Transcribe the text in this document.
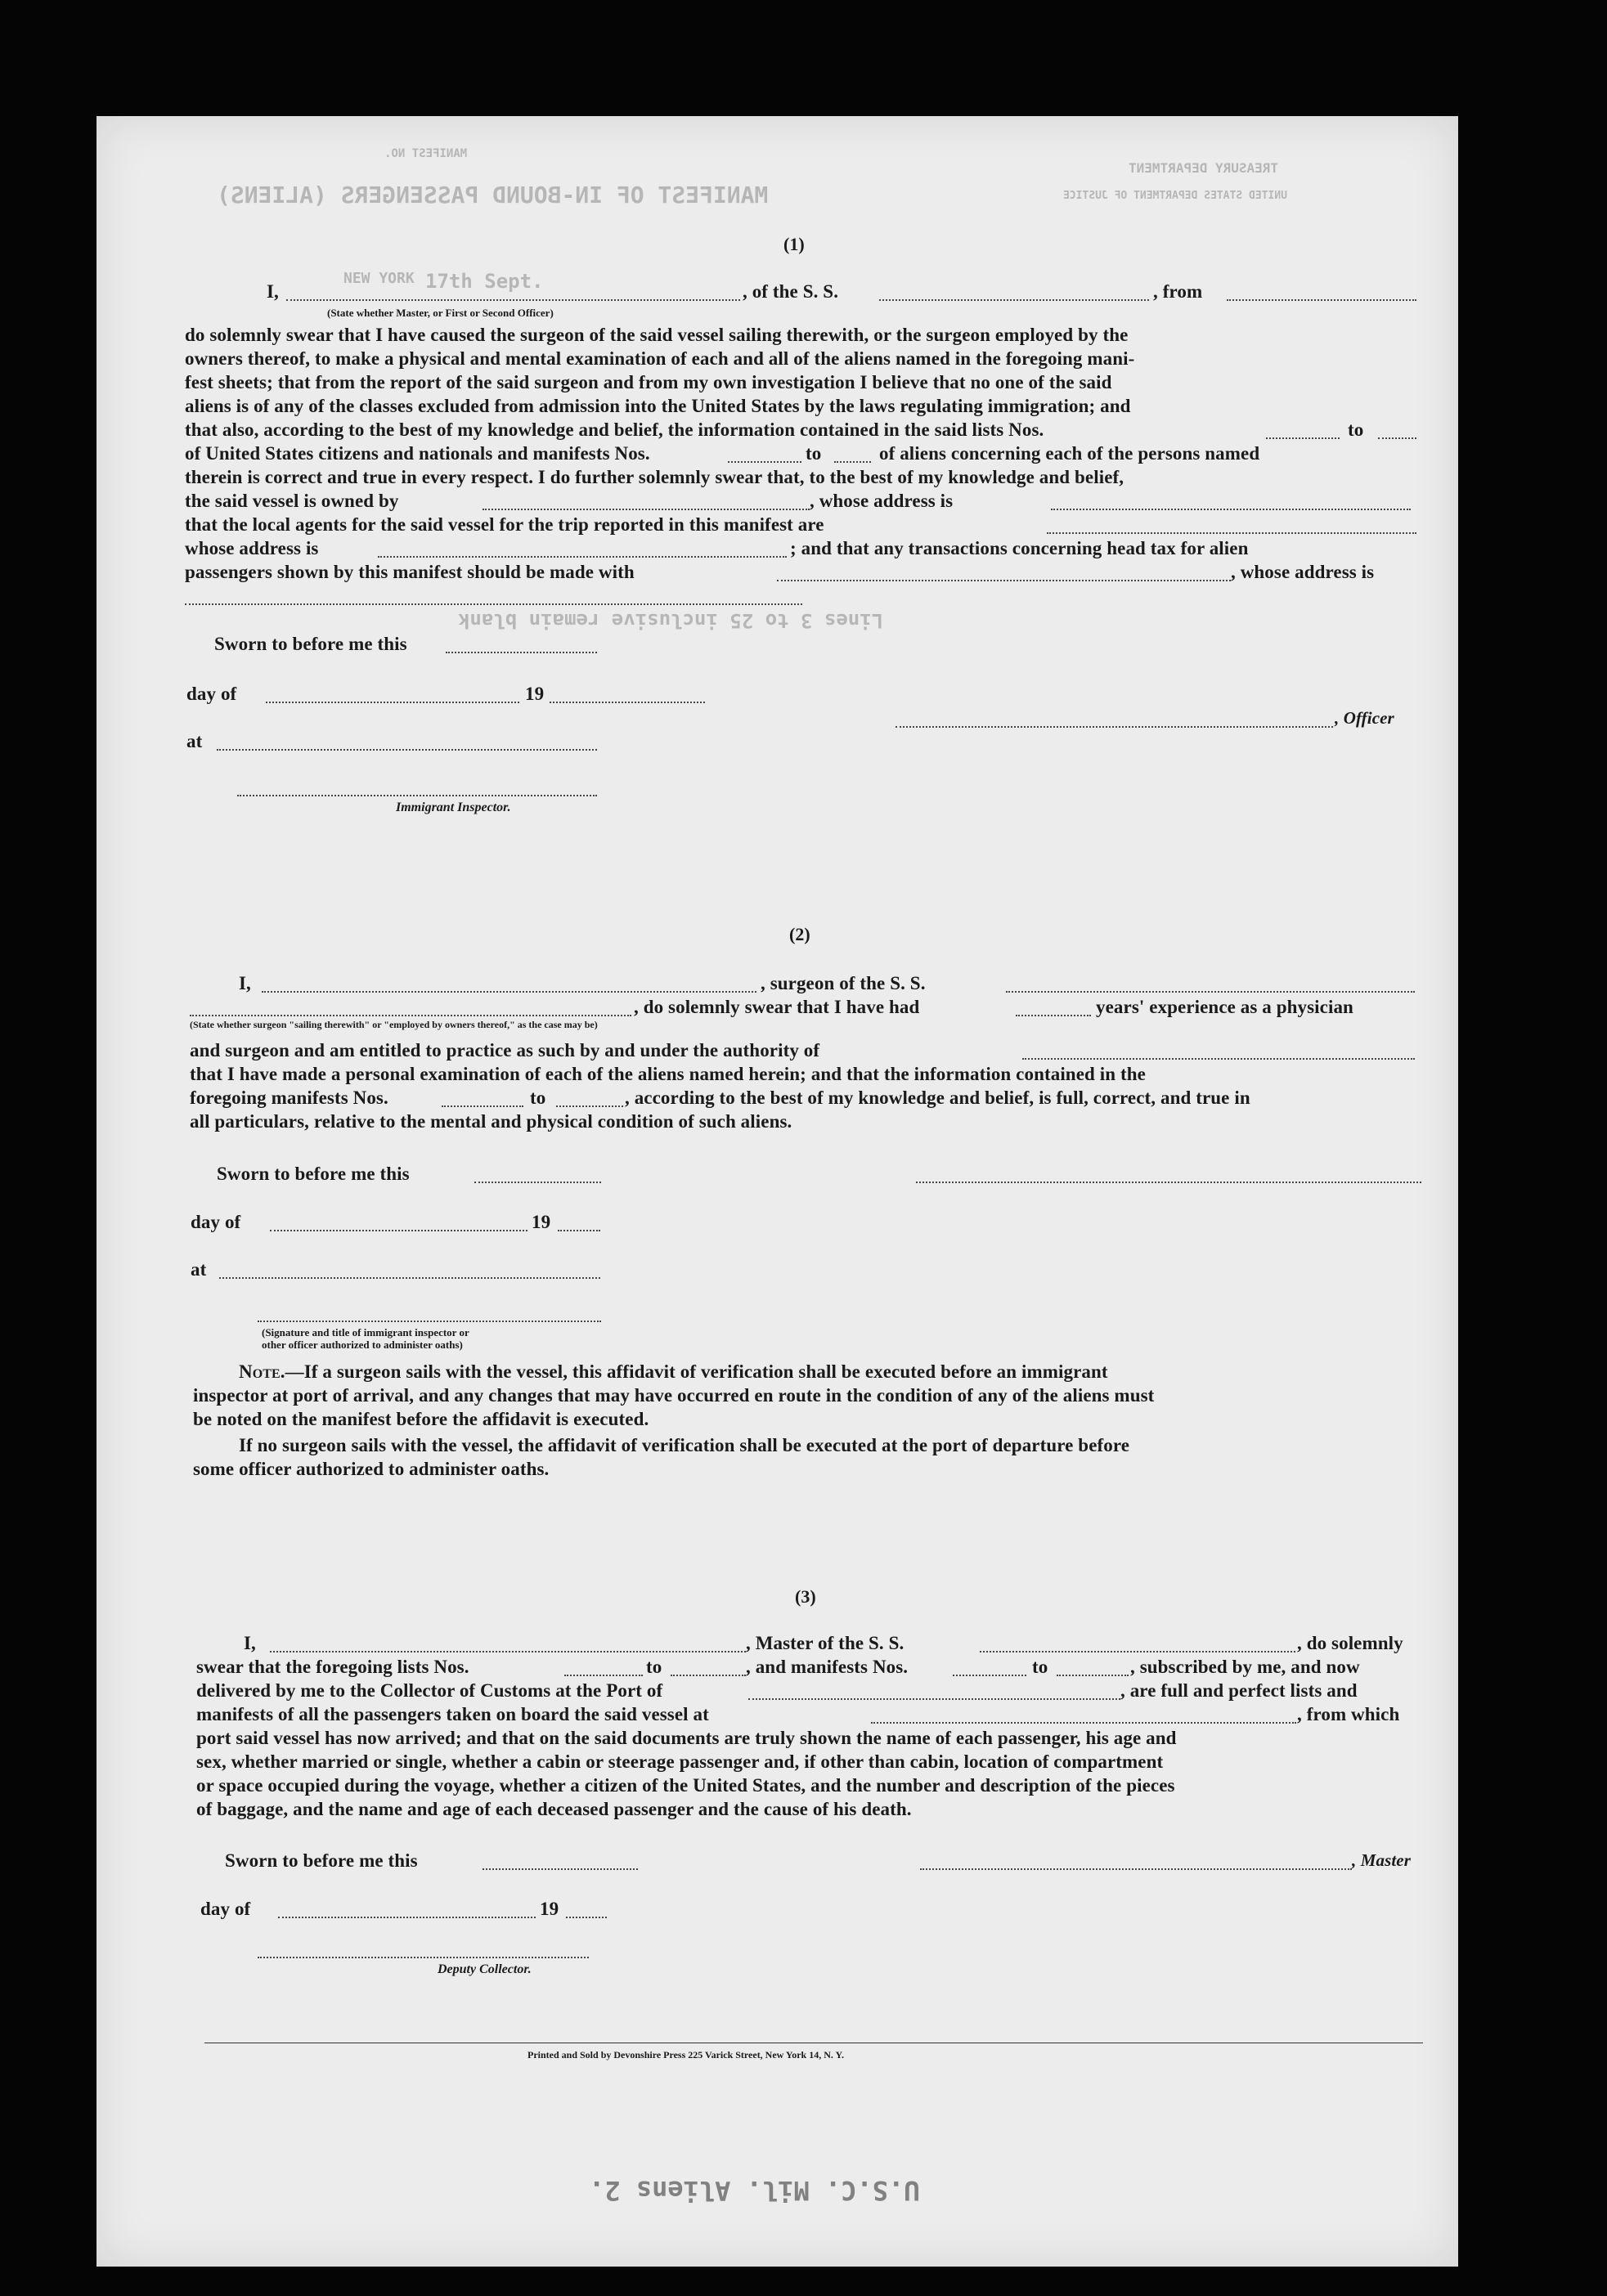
MANIFEST NO.
MANIFEST OF IN-BOUND PASSENGERS (ALIENS)
TREASURY DEPARTMENT
UNITED STATES DEPARTMENT OF JUSTICE
17th Sept.
NEW YORK
Lines 3 to 25 inclusive remain blank
U.S.C. Mil. Aliens 2.
(1)
I,	, of the S. S.	, from
(State whether Master, or First or Second Officer)
do solemnly swear that I have caused the surgeon of the said vessel sailing therewith, or the surgeon employed by the
owners thereof, to make a physical and mental examination of each and all of the aliens named in the foregoing mani-
fest sheets; that from the report of the said surgeon and from my own investigation I believe that no one of the said
aliens is of any of the classes excluded from admission into the United States by the laws regulating immigration; and
that also, according to the best of my knowledge and belief, the information contained in the said lists Nos.	to
of United States citizens and nationals and manifests Nos.	to	of aliens concerning each of the persons named
therein is correct and true in every respect. I do further solemnly swear that, to the best of my knowledge and belief,
the said vessel is owned by	, whose address is
that the local agents for the said vessel for the trip reported in this manifest are
whose address is	; and that any transactions concerning head tax for alien
passengers shown by this manifest should be made with	, whose address is
Sworn to before me this
day of	19
, Officer
at
Immigrant Inspector.
(2)
I,	, surgeon of the S. S.
, do solemnly swear that I have had	years' experience as a physician
(State whether surgeon "sailing therewith" or "employed by owners thereof," as the case may be)
and surgeon and am entitled to practice as such by and under the authority of
that I have made a personal examination of each of the aliens named herein; and that the information contained in the
foregoing manifests Nos.	to	, according to the best of my knowledge and belief, is full, correct, and true in
all particulars, relative to the mental and physical condition of such aliens.
Sworn to before me this
day of	19
at
(Signature and title of immigrant inspector or
other officer authorized to administer oaths)
Note.—If a surgeon sails with the vessel, this affidavit of verification shall be executed before an immigrant
inspector at port of arrival, and any changes that may have occurred en route in the condition of any of the aliens must
be noted on the manifest before the affidavit is executed.
If no surgeon sails with the vessel, the affidavit of verification shall be executed at the port of departure before
some officer authorized to administer oaths.
(3)
I,	, Master of the S. S.	, do solemnly
swear that the foregoing lists Nos.	to	, and manifests Nos.	to	, subscribed by me, and now
delivered by me to the Collector of Customs at the Port of	, are full and perfect lists and
manifests of all the passengers taken on board the said vessel at	, from which
port said vessel has now arrived; and that on the said documents are truly shown the name of each passenger, his age and
sex, whether married or single, whether a cabin or steerage passenger and, if other than cabin, location of compartment
or space occupied during the voyage, whether a citizen of the United States, and the number and description of the pieces
of baggage, and the name and age of each deceased passenger and the cause of his death.
Sworn to before me this	, Master
day of	19
Deputy Collector.
Printed and Sold by Devonshire Press 225 Varick Street, New York 14, N. Y.
